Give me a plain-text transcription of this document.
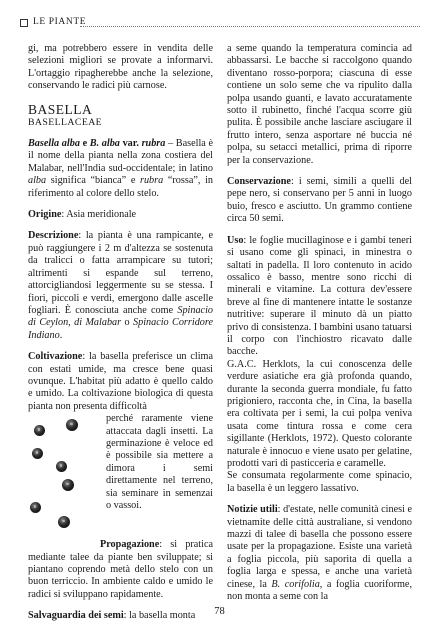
LE PIANTE

gi, ma potrebbero essere in vendita delle selezioni migliori se provate a informarvi. L'ortaggio ripagherebbe anche la selezione, conservando le radici più carnose.

BASELLA

BASELLACEAE

Basella alba e B. alba var. rubra – Basella è il nome della pianta nella zona costiera del Malabar, nell'India sud-occidentale; in latino alba significa “bianca” e rubra “rossa”, in riferimento al colore dello stelo.

Origine: Asia meridionale

Descrizione: la pianta è una rampicante, e può raggiungere i 2 m d'altezza se sostenuta da tralicci o fatta arrampicare su tutori; altrimenti si espande sul terreno, attorcigliandosi leggermente su se stessa. I fiori, piccoli e verdi, emergono dalle ascelle fogliari. È conosciuta anche come Spinacio di Ceylon, di Malabar o Spinacio Corridore Indiano.

Coltivazione: la basella preferisce un clima con estati umide, ma cresce bene quasi ovunque. L'habitat più adatto è quello caldo e umido. La coltivazione biologica di questa pianta non presenta difficoltà

perché raramente viene attaccata dagli insetti. La germinazione è veloce ed è possibile sia mettere a dimora i semi direttamente nel terreno, sia seminare in semenzai o vassoi.

Propagazione: si pratica mediante talee da piante ben sviluppate; si piantano coprendo metà dello stelo con un buon terriccio. In ambiente caldo e umido le radici si sviluppano rapidamente.

Salvaguardia dei semi: la basella monta

a seme quando la temperatura comincia ad abbassarsi. Le bacche si raccolgono quando diventano rosso-porpora; ciascuna di esse contiene un solo seme che va ripulito dalla polpa usando guanti, e lavato accuratamente sotto il rubinetto, finché l'acqua scorre giù pulita. È possibile anche lasciare asciugare il frutto intero, senza asportare né buccia né polpa, su setacci metallici, prima di riporre per la conservazione.

Conservazione: i semi, simili a quelli del pepe nero, si conservano per 5 anni in luogo buio, fresco e asciutto. Un grammo contiene circa 50 semi.

Uso: le foglie mucillaginose e i gambi teneri si usano come gli spinaci, in minestra o saltati in padella. Il loro contenuto in acido ossalico è basso, mentre sono ricchi di minerali e vitamine. La cottura dev'essere breve al fine di mantenere intatte le sostanze nutritive: superare il minuto dà un piatto privo di consistenza. I bambini usano tatuarsi il corpo con l'inchiostro ricavato dalle bacche.

G.A.C. Herklots, la cui conoscenza delle verdure asiatiche era già profonda quando, durante la seconda guerra mondiale, fu fatto prigioniero, racconta che, in Cina, la basella era coltivata per i semi, la cui polpa veniva usata come tintura rossa e come cera sigillante (Herklots, 1972). Questo colorante naturale è innocuo e viene usato per gelatine, prodotti vari di pasticceria e caramelle.

Se consumata regolarmente come spinacio, la basella è un leggero lassativo.

Notizie utili: d'estate, nelle comunità cinesi e vietnamite delle città australiane, si vendono mazzi di talee di basella che possono essere usate per la propagazione. Esiste una varietà a foglia piccola, più saporita di quella a foglia larga e spessa, e anche una varietà cinese, la B. corifolia, a foglia cuoriforme, non monta a seme con la

78
